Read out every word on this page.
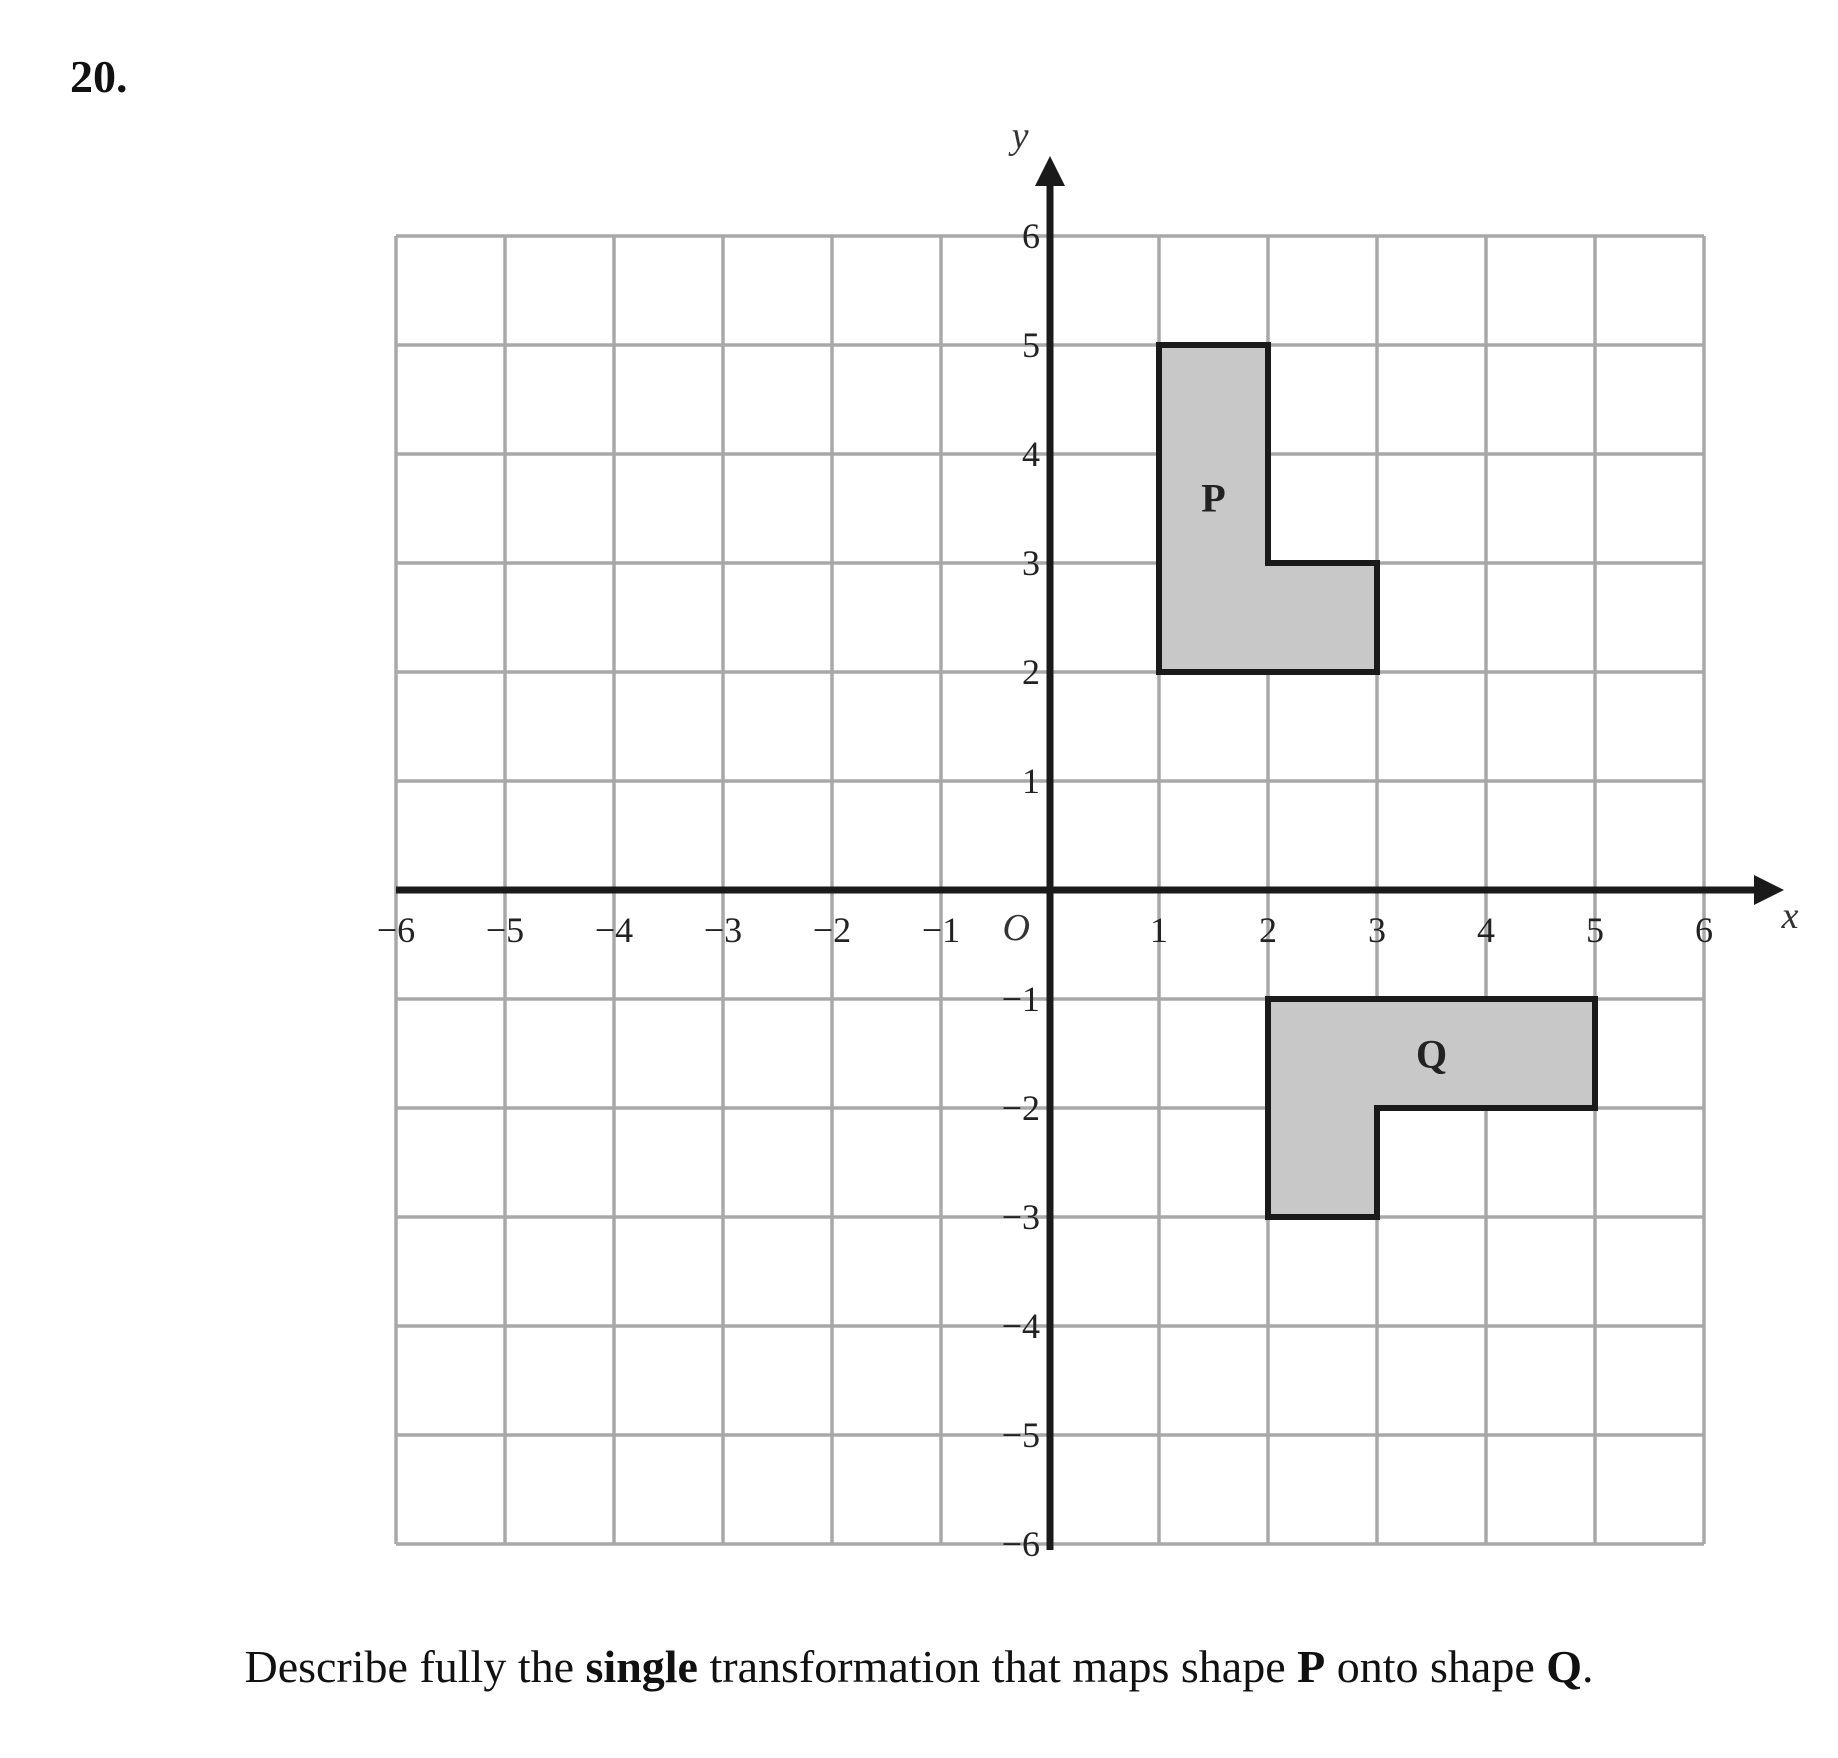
20.
P
Q
−6 −5 −4 −3 −2 −1	1	2	3	4	5	6
−6
−5
−4
−3
−2
−1
1
2
3
4
5
6
O	x
y
Describe fully the single transformation that maps shape P onto shape Q.
